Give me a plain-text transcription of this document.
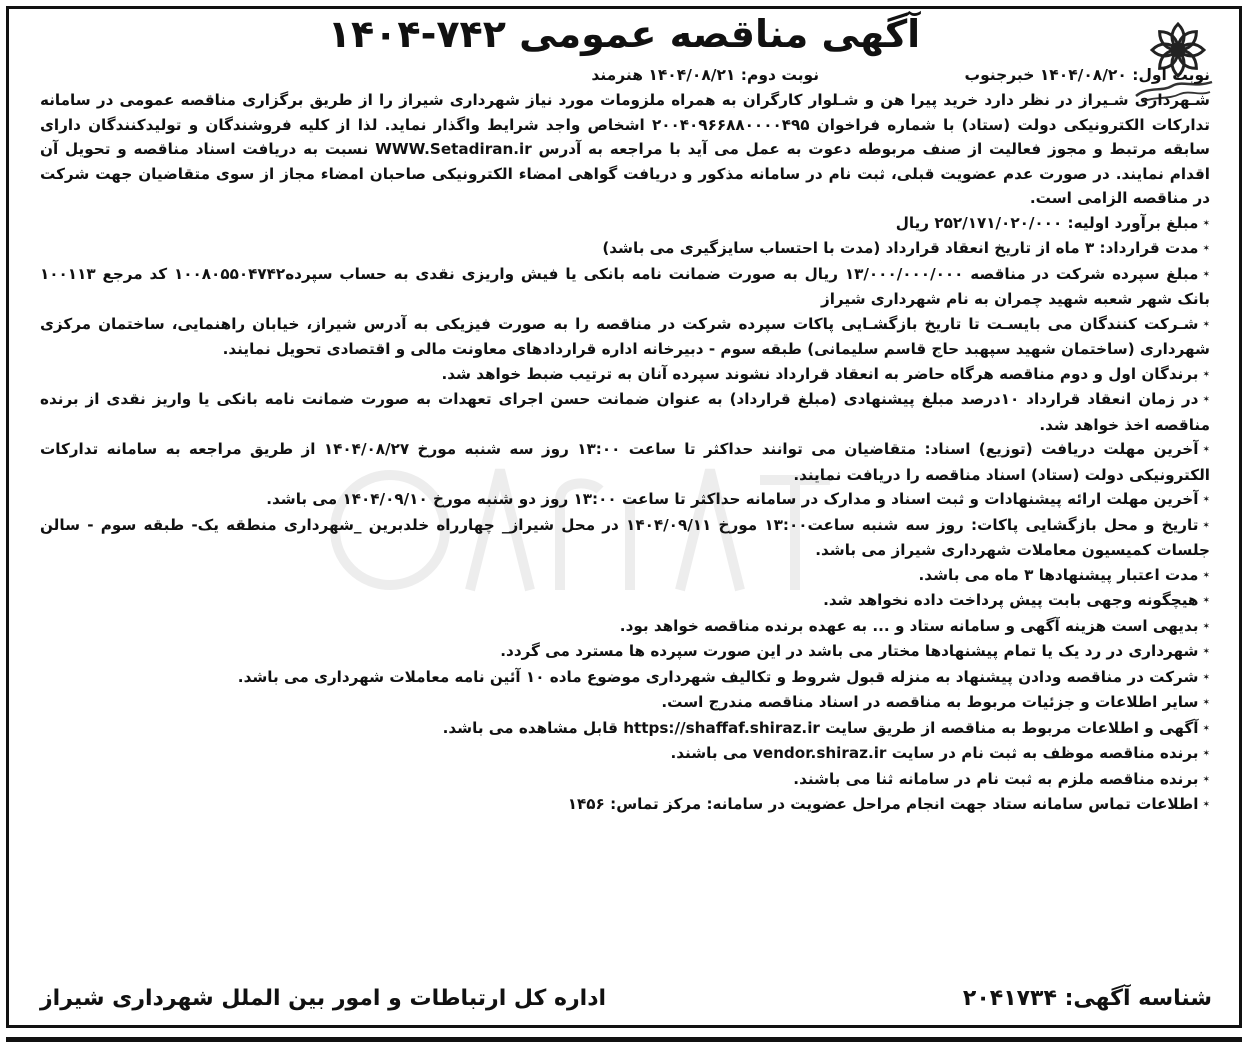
آگهی مناقصه عمومی ۷۴۲-۱۴۰۴
نوبت اول: ۱۴۰۴/۰۸/۲۰ خبرجنوب نوبت دوم: ۱۴۰۴/۰۸/۲۱ هنرمند

شـهرداری شـیراز در نظر دارد خرید پیرا هن و شـلوار کارگران به همراه ملزومات مورد نیاز شهرداری شیراز را از طریق برگزاری مناقصه عمومی در سامانه تدارکات الکترونیکی دولت (ستاد) با شماره فراخوان ۲۰۰۴۰۹۶۶۸۸۰۰۰۰۴۹۵ اشخاص واجد شرایط واگذار نماید. لذا از کلیه فروشندگان و تولیدکنندگان دارای سابقه مرتبط و مجوز فعالیت از صنف مربوطه دعوت به عمل می آید با مراجعه به آدرس WWW.Setadiran.ir نسبت به دریافت اسناد مناقصه و تحویل آن اقدام نمایند. در صورت عدم عضویت قبلی، ثبت نام در سامانه مذکور و دریافت گواهی امضاء الکترونیکی صاحبان امضاء مجاز از سوی متقاضیان جهت شرکت در مناقصه الزامی است.

✶ مبلغ برآورد اولیه: ۲۵۲/۱۷۱/۰۲۰/۰۰۰ ریال

✶ مدت قرارداد: ۳ ماه از تاریخ انعقاد قرارداد (مدت با احتساب سایزگیری می باشد)

✶ مبلغ سپرده شرکت در مناقصه ۱۳/۰۰۰/۰۰۰/۰۰۰ ریال به صورت ضمانت نامه بانکی یا فیش واریزی نقدی به حساب سپرده۱۰۰۸۰۵۵۰۴۷۴۲ کد مرجع ۱۰۰۱۱۳ بانک شهر شعبه شهید چمران به نام شهرداری شیراز

✶ شـرکت کنندگان می بایسـت تا تاریخ بازگشـایی پاکات سپرده شرکت در مناقصه را به صورت فیزیکی به آدرس شیراز، خیابان راهنمایی، ساختمان مرکزی شهرداری (ساختمان شهید سپهبد حاج قاسم سلیمانی) طبقه سوم - دبیرخانه اداره قراردادهای معاونت مالی و اقتصادی تحویل نمایند.

✶ برندگان اول و دوم مناقصه هرگاه حاضر به انعقاد قرارداد نشوند سپرده آنان به ترتیب ضبط خواهد شد.

✶ در زمان انعقاد قرارداد ۱۰درصد مبلغ پیشنهادی (مبلغ قرارداد) به عنوان ضمانت حسن اجرای تعهدات به صورت ضمانت نامه بانکی یا واریز نقدی از برنده مناقصه اخذ خواهد شد.

✶ آخرین مهلت دریافت (توزیع) اسناد: متقاضیان می توانند حداکثر تا ساعت ۱۳:۰۰ روز سه شنبه مورخ ۱۴۰۴/۰۸/۲۷ از طریق مراجعه به سامانه تدارکات الکترونیکی دولت (ستاد) اسناد مناقصه را دریافت نمایند.

✶ آخرین مهلت ارائه پیشنهادات و ثبت اسناد و مدارک در سامانه حداکثر تا ساعت ۱۳:۰۰ روز دو شنبه مورخ ۱۴۰۴/۰۹/۱۰ می باشد.

✶ تاریخ و محل بازگشایی پاکات: روز سه شنبه ساعت۱۳:۰۰ مورخ ۱۴۰۴/۰۹/۱۱ در محل شیراز_ چهارراه خلدبرین _شهرداری منطقه یک- طبقه سوم - سالن جلسات کمیسیون معاملات شهرداری شیراز می باشد.

✶ مدت اعتبار پیشنهادها ۳ ماه می باشد.

✶ هیچگونه وجهی بابت پیش پرداخت داده نخواهد شد.

✶ بدیهی است هزینه آگهی و سامانه ستاد و ... به عهده برنده مناقصه خواهد بود.

✶ شهرداری در رد یک یا تمام پیشنهادها مختار می باشد در این صورت سپرده ها مسترد می گردد.

✶ شرکت در مناقصه ودادن پیشنهاد به منزله قبول شروط و تکالیف شهرداری موضوع ماده ۱۰ آئین نامه معاملات شهرداری می باشد.

✶ سایر اطلاعات و جزئیات مربوط به مناقصه در اسناد مناقصه مندرج است.

✶ آگهی و اطلاعات مربوط به مناقصه از طریق سایت https://shaffaf.shiraz.ir قابل مشاهده می باشد.

✶ برنده مناقصه موظف به ثبت نام در سایت vendor.shiraz.ir می باشند.

✶ برنده مناقصه ملزم به ثبت نام در سامانه ثنا می باشند.

✶ اطلاعات تماس سامانه ستاد جهت انجام مراحل عضویت در سامانه: مرکز تماس: ۱۴۵۶

شناسه آگهی: ۲۰۴۱۷۳۴
اداره کل ارتباطات و امور بین الملل شهرداری شیراز
